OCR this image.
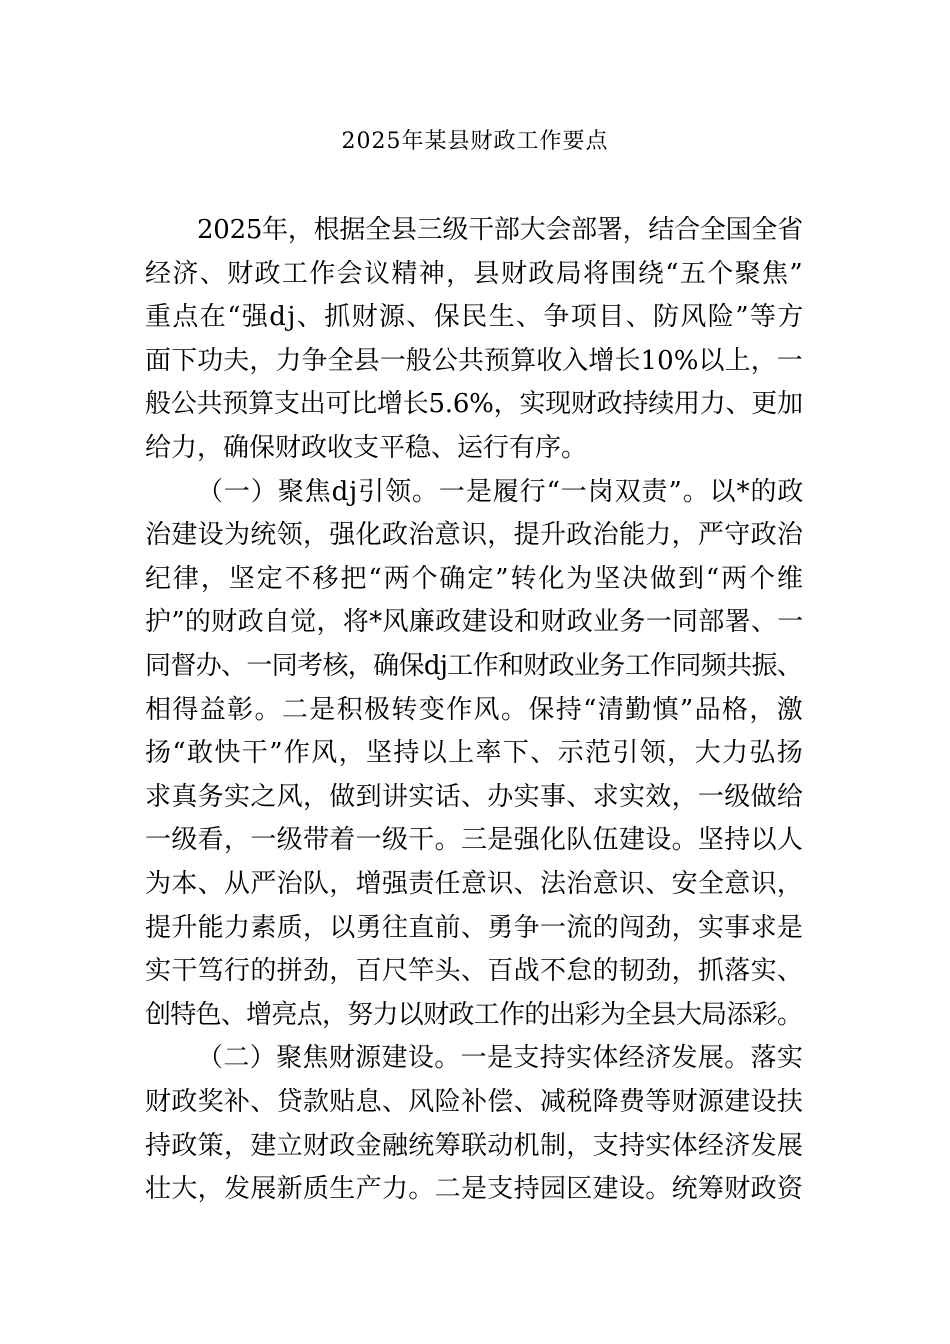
2025年某县财政工作要点

2025年，根据全县三级干部大会部署，结合全国全省

经济、财政工作会议精神，县财政局将围绕“五个聚焦”

重点在“强dj、抓财源、保民生、争项目、防风险”等方

面下功夫，力争全县一般公共预算收入增长10%以上，一

般公共预算支出可比增长5.6%，实现财政持续用力、更加

给力，确保财政收支平稳、运行有序。

（一）聚焦dj引领。一是履行“一岗双责”。以*的政

治建设为统领，强化政治意识，提升政治能力，严守政治

纪律，坚定不移把“两个确定”转化为坚决做到“两个维

护”的财政自觉，将*风廉政建设和财政业务一同部署、一

同督办、一同考核，确保dj工作和财政业务工作同频共振、

相得益彰。二是积极转变作风。保持“清勤慎”品格，激

扬“敢快干”作风，坚持以上率下、示范引领，大力弘扬

求真务实之风，做到讲实话、办实事、求实效，一级做给

一级看，一级带着一级干。三是强化队伍建设。坚持以人

为本、从严治队，增强责任意识、法治意识、安全意识，

提升能力素质，以勇往直前、勇争一流的闯劲，实事求是

实干笃行的拼劲，百尺竿头、百战不怠的韧劲，抓落实、

创特色、增亮点，努力以财政工作的出彩为全县大局添彩。

（二）聚焦财源建设。一是支持实体经济发展。落实

财政奖补、贷款贴息、风险补偿、减税降费等财源建设扶

持政策，建立财政金融统筹联动机制，支持实体经济发展

壮大，发展新质生产力。二是支持园区建设。统筹财政资
